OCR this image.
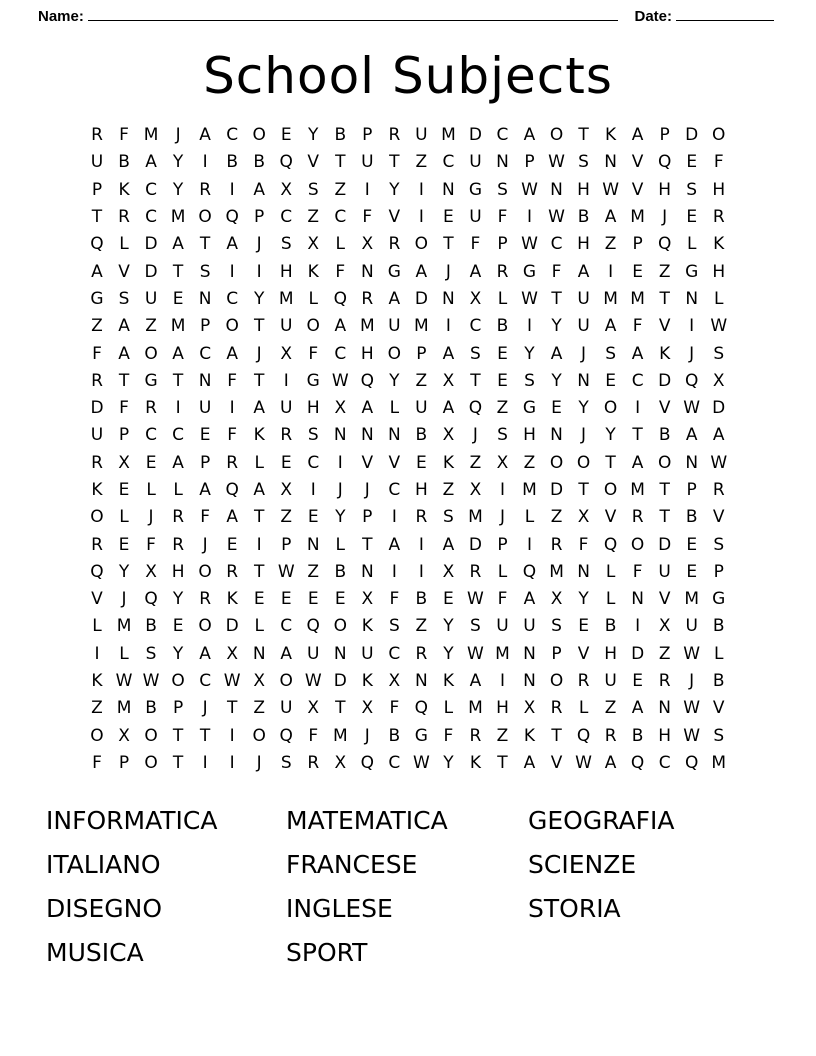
Name:	Date:
School Subjects
R F M	J	A C O E Y B P R U M D C A O T K A P D O
U B A Y	I	B B Q V T U T Z C U N P W S N V Q E F
P K C Y R	I	A X S Z	I	Y	I	N G S W N H W V H S H
T R C M O Q P C Z C F V	I	E U F	I W B A M	J	E R
Q L D A T A	J	S X L X R O T F	P W C H Z P Q L K
A V D T S	I	I	H K F N G A	J	A R G F A	I	E Z G H
G S U E N C Y M L Q R A D N X L W T U M M T N L
Z A Z M P O T U O A M U M	I	C B	I	Y U A F V	I W
F A O A C A	J	X F C H O P A S E Y A	J	S A K	J	S
R T G T N F T	I	G W Q Y Z X T E S Y N E C D Q X
D F R	I	U	I	A U H X A L U A Q Z G E Y O	I	V W D
U P C C E F K R S N N N B X	J	S H N	J	Y T B A A
R X E A P R L E C	I	V V E K Z X Z O O T A O N W
K E L	L A Q A X	I	J	J	C H Z X	I	M D T O M T P R
O L	J	R F A T Z E Y P	I	R S M	J	L Z X V R T B V
R E F R	J	E	I	P N L	T A	I	A D P	I	R F Q O D E S
Q Y X H O R T W Z B N	I	I	X R L Q M N L	F U E P
V	J	Q Y R K E E E E X F B E W F A X Y	L N V M G
L M B E O D L C Q O K S Z Y S U U S E B	I	X U B
I	L S Y A X N A U N U C R Y W M N P V H D Z W L
K W W O C W X O W D K X N K A	I	N O R U E R	J	B
Z M B P	J	T Z U X T X F Q L M H X R L Z A N W V
O X O T T	I	O Q F M	J	B G F R Z K T Q R B H W S
F	P O T	I	I	J	S R X Q C W Y K T A V W A Q C Q M
INFORMATICA
ITALIANO
DISEGNO
MUSICA
MATEMATICA
FRANCESE
INGLESE
SPORT
GEOGRAFIA
SCIENZE
STORIA
